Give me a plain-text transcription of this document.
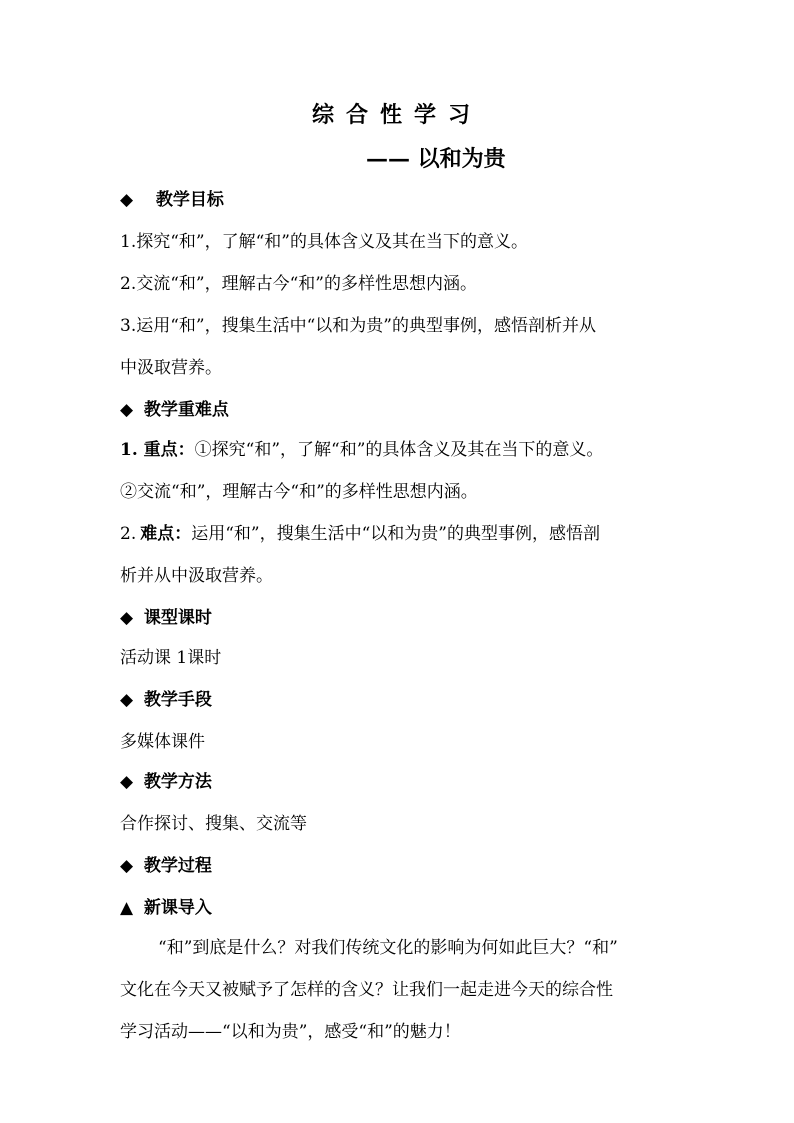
综合性学习
—— 以和为贵
◆ 教学目标
1.探究“和”，了解“和”的具体含义及其在当下的意义。
2.交流“和”，理解古今“和”的多样性思想内涵。
3.运用“和”，搜集生活中“以和为贵”的典型事例，感悟剖析并从
中汲取营养。
◆ 教学重难点
1. 重点：①探究“和”，了解“和”的具体含义及其在当下的意义。
②交流“和”，理解古今“和”的多样性思想内涵。
2. 难点：运用“和”，搜集生活中“以和为贵”的典型事例，感悟剖
析并从中汲取营养。
◆ 课型课时
活动课 1课时
◆ 教学手段
多媒体课件
◆ 教学方法
合作探讨、搜集、交流等
◆ 教学过程
▲ 新课导入
“和”到底是什么？对我们传统文化的影响为何如此巨大？“和”
文化在今天又被赋予了怎样的含义？让我们一起走进今天的综合性
学习活动——“以和为贵”，感受“和”的魅力！
